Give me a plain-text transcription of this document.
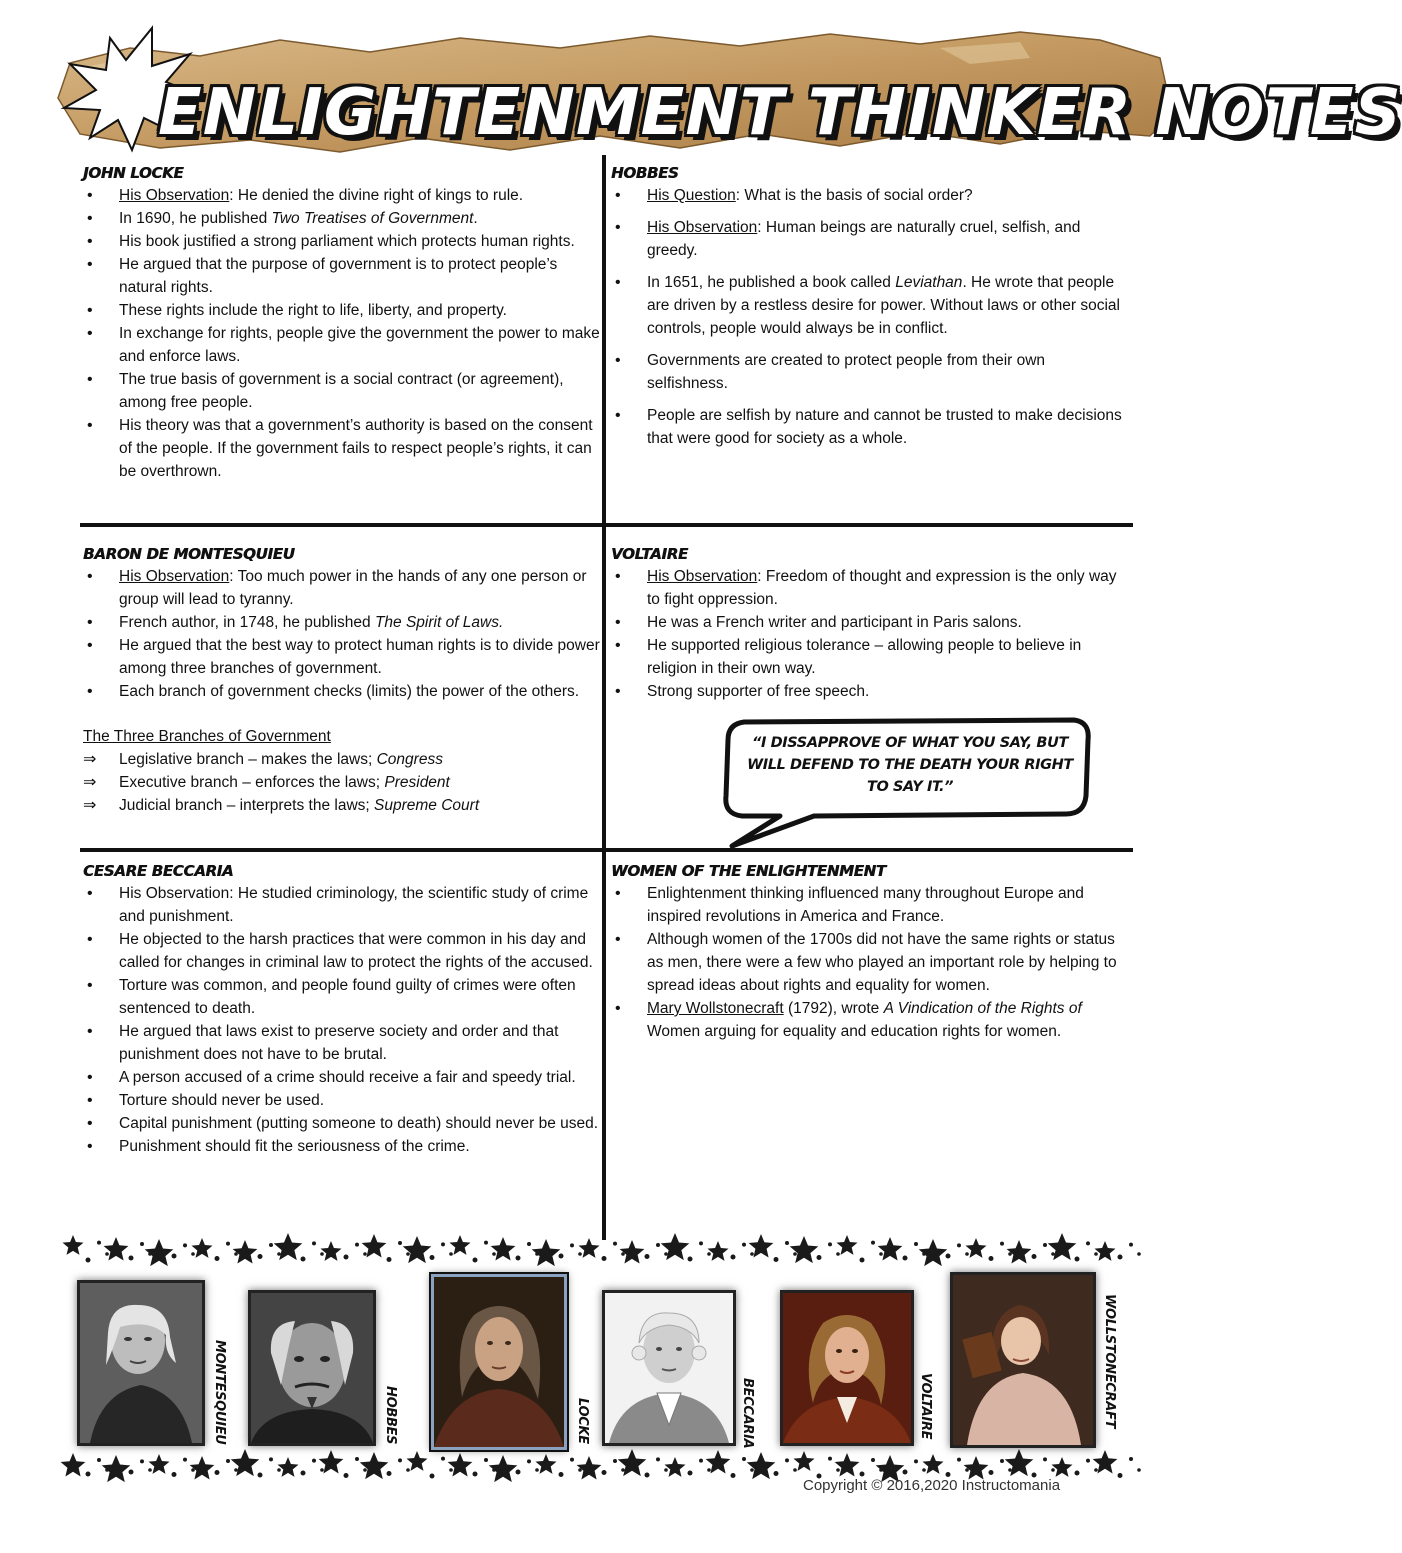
ENLIGHTENMENT THINKER NOTES
JOHN LOCKE
• His Observation: He denied the divine right of kings to rule.
• In 1690, he published Two Treatises of Government.
• His book justified a strong parliament which protects human rights.
• He argued that the purpose of government is to protect people’s natural rights.
• These rights include the right to life, liberty, and property.
• In exchange for rights, people give the government the power to make and enforce laws.
• The true basis of government is a social contract (or agreement), among free people.
• His theory was that a government’s authority is based on the consent of the people. If the government fails to respect people’s rights, it can be overthrown.
HOBBES
• His Question: What is the basis of social order?
• His Observation: Human beings are naturally cruel, selfish, and greedy.
• In 1651, he published a book called Leviathan. He wrote that people are driven by a restless desire for power. Without laws or other social controls, people would always be in conflict.
• Governments are created to protect people from their own selfishness.
• People are selfish by nature and cannot be trusted to make decisions that were good for society as a whole.
BARON DE MONTESQUIEU
• His Observation: Too much power in the hands of any one person or group will lead to tyranny.
• French author, in 1748, he published The Spirit of Laws.
• He argued that the best way to protect human rights is to divide power among three branches of government.
• Each branch of government checks (limits) the power of the others.
The Three Branches of Government
⇒ Legislative branch – makes the laws; Congress
⇒ Executive branch – enforces the laws; President
⇒ Judicial branch – interprets the laws; Supreme Court
VOLTAIRE
• His Observation: Freedom of thought and expression is the only way to fight oppression.
• He was a French writer and participant in Paris salons.
• He supported religious tolerance – allowing people to believe in religion in their own way.
• Strong supporter of free speech.

“I DISSAPPROVE OF WHAT YOU SAY, BUT WILL DEFEND TO THE DEATH YOUR RIGHT TO SAY IT.”

CESARE BECCARIA
• His Observation: He studied criminology, the scientific study of crime and punishment.
• He objected to the harsh practices that were common in his day and called for changes in criminal law to protect the rights of the accused.
• Torture was common, and people found guilty of crimes were often sentenced to death.
• He argued that laws exist to preserve society and order and that punishment does not have to be brutal.
• A person accused of a crime should receive a fair and speedy trial.
• Torture should never be used.
• Capital punishment (putting someone to death) should never be used.
• Punishment should fit the seriousness of the crime.
WOMEN OF THE ENLIGHTENMENT
• Enlightenment thinking influenced many throughout Europe and inspired revolutions in America and France.
• Although women of the 1700s did not have the same rights or status as men, there were a few who played an important role by helping to spread ideas about rights and equality for women.
• Mary Wollstonecraft (1792), wrote A Vindication of the Rights of Women arguing for equality and education rights for women.
MONTESQUIEU	HOBBES	LOCKE	BECCARIA	VOLTAIRE	WOLLSTONECRAFT
Copyright © 2016,2020 Instructomania
